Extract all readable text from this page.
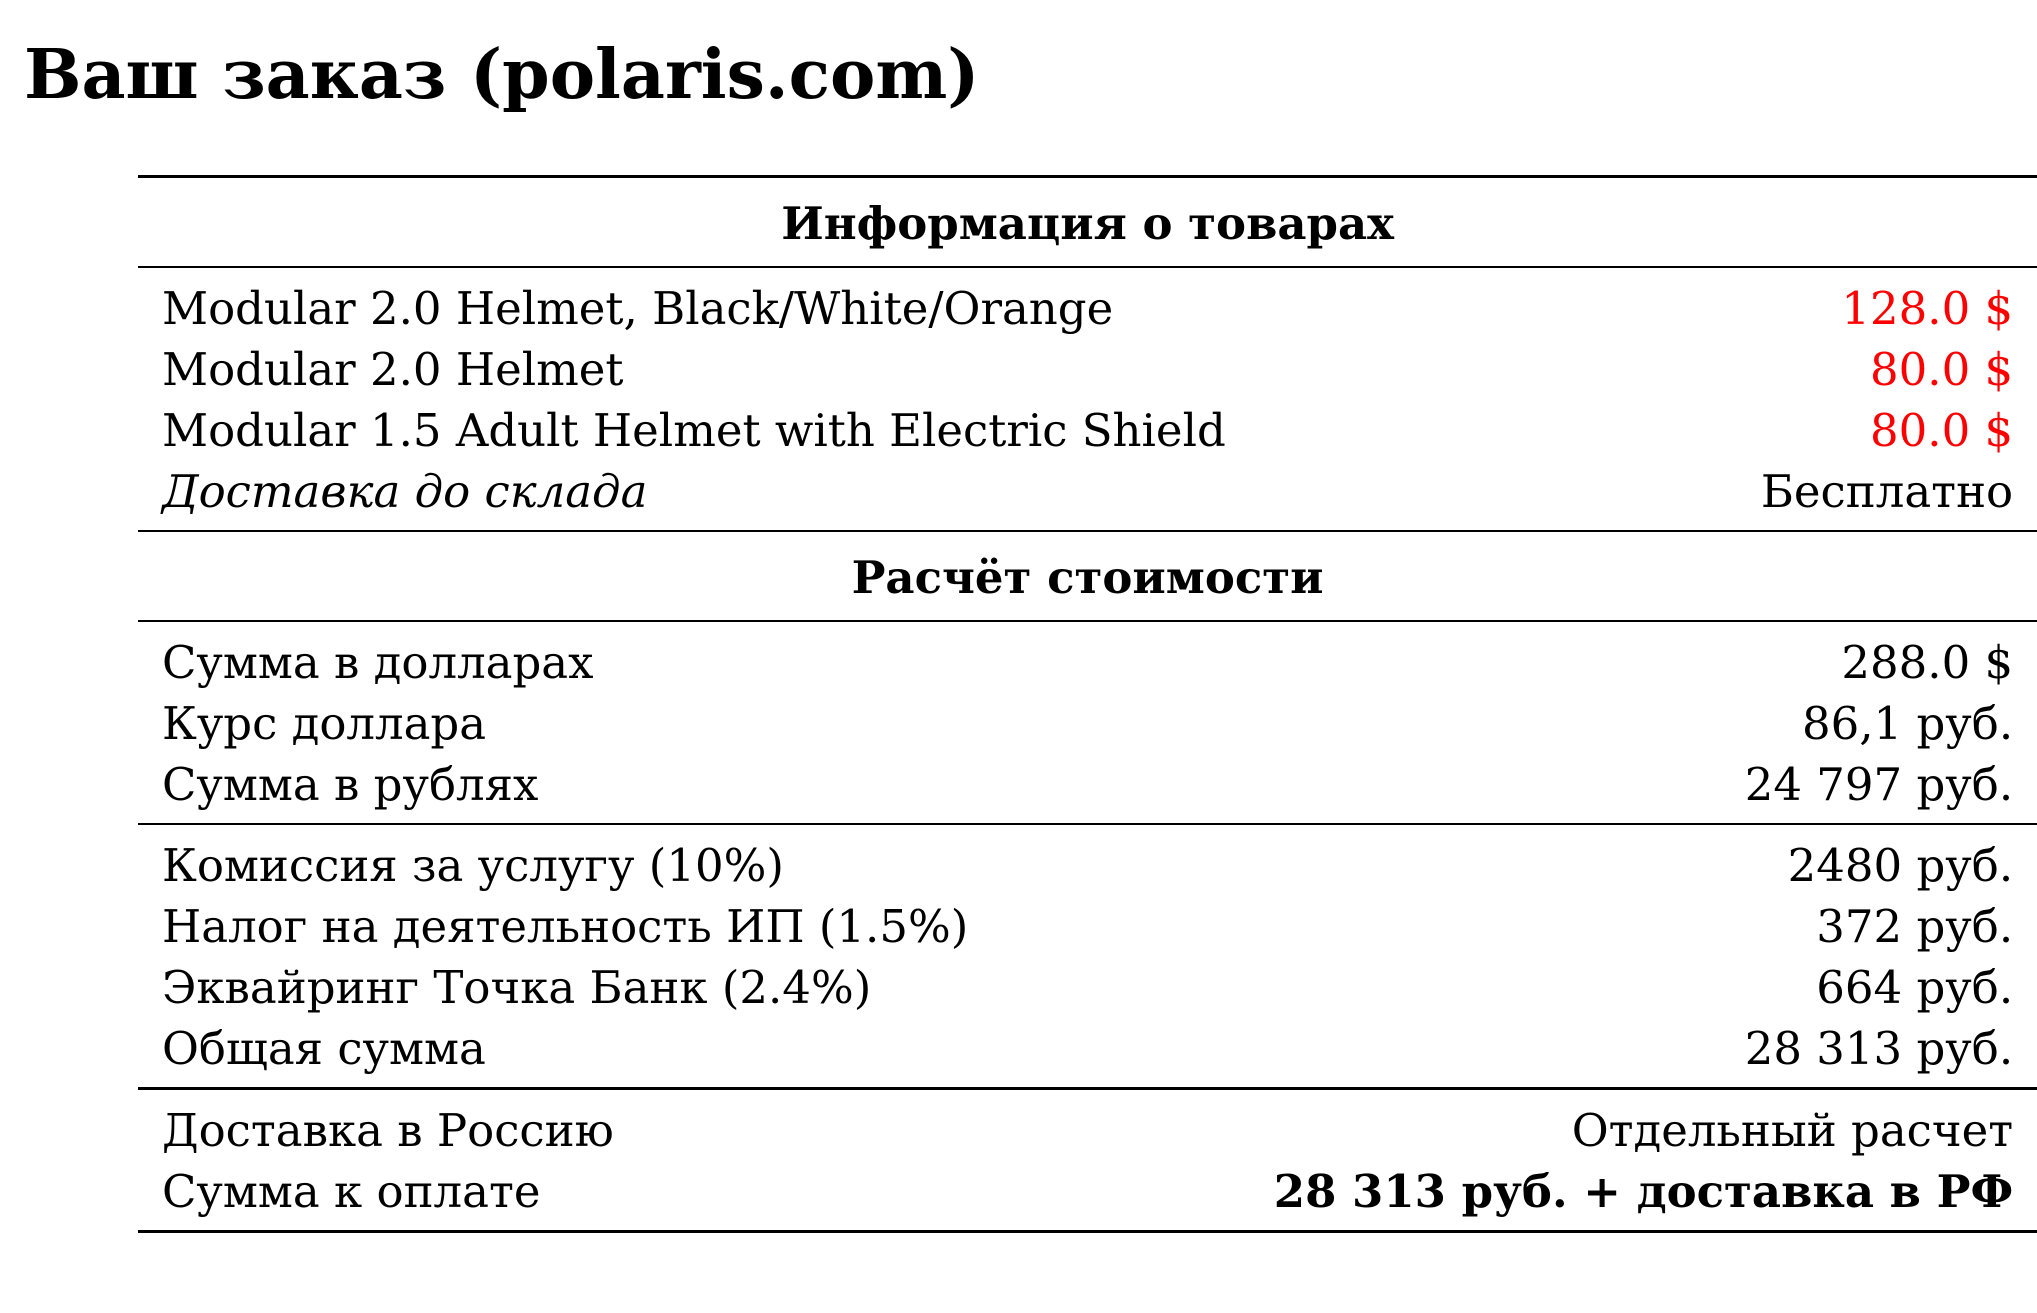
Ваш заказ (polaris.com)
Информация о товарах	
Modular 2.0 Helmet, Black/White/Orange	128.0 $
Modular 2.0 Helmet	80.0 $
Modular 1.5 Adult Helmet with Electric Shield	80.0 $
Доставка до склада	Бесплатно
Расчёт стоимости	
Сумма в долларах	288.0 $
Курс доллара	86,1 руб.
Сумма в рублях	24 797 руб.
Комиссия за услугу (10%)	2480 руб.
Налог на деятельность ИП (1.5%)	372 руб.
Эквайринг Точка Банк (2.4%)	664 руб.
Общая сумма	28 313 руб.
Доставка в Россию	Отдельный расчет
Сумма к оплате	28 313 руб. + доставка в РФ
